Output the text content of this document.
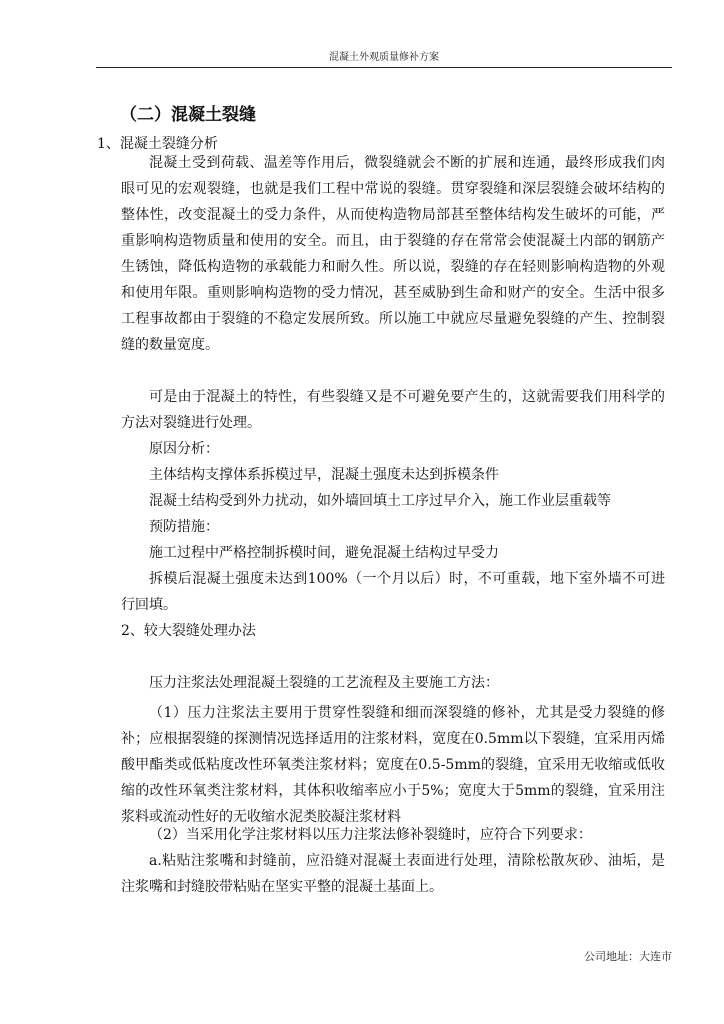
混凝土外观质量修补方案
（二）混凝土裂缝
1、混凝土裂缝分析

混凝土受到荷载、温差等作用后，微裂缝就会不断的扩展和连通，最终形成我们肉眼可见的宏观裂缝，也就是我们工程中常说的裂缝。贯穿裂缝和深层裂缝会破坏结构的整体性，改变混凝土的受力条件，从而使构造物局部甚至整体结构发生破坏的可能，严重影响构造物质量和使用的安全。而且，由于裂缝的存在常常会使混凝土内部的钢筋产生锈蚀，降低构造物的承载能力和耐久性。所以说，裂缝的存在轻则影响构造物的外观和使用年限。重则影响构造物的受力情况，甚至威胁到生命和财产的安全。生活中很多工程事故都由于裂缝的不稳定发展所致。所以施工中就应尽量避免裂缝的产生、控制裂缝的数量宽度。

可是由于混凝土的特性，有些裂缝又是不可避免要产生的，这就需要我们用科学的方法对裂缝进行处理。

原因分析：
主体结构支撑体系拆模过早，混凝土强度未达到拆模条件
混凝土结构受到外力扰动，如外墙回填土工序过早介入，施工作业层重载等
预防措施：
施工过程中严格控制拆模时间，避免混凝土结构过早受力

拆模后混凝土强度未达到100%（一个月以后）时，不可重载，地下室外墙不可进行回填。

2、较大裂缝处理办法
压力注浆法处理混凝土裂缝的工艺流程及主要施工方法：

（1）压力注浆法主要用于贯穿性裂缝和细而深裂缝的修补，尤其是受力裂缝的修补；应根据裂缝的探测情况选择适用的注浆材料，宽度在0.5mm以下裂缝，宜采用丙烯酸甲酯类或低粘度改性环氧类注浆材料；宽度在0.5-5mm的裂缝，宜采用无收缩或低收缩的改性环氧类注浆材料，其体积收缩率应小于5%；宽度大于5mm的裂缝，宜采用注浆料或流动性好的无收缩水泥类胶凝注浆材料

（2）当采用化学注浆材料以压力注浆法修补裂缝时，应符合下列要求：

a.粘贴注浆嘴和封缝前，应沿缝对混凝土表面进行处理，清除松散灰砂、油垢，是注浆嘴和封缝胶带粘贴在坚实平整的混凝土基面上。

公司地址：大连市
